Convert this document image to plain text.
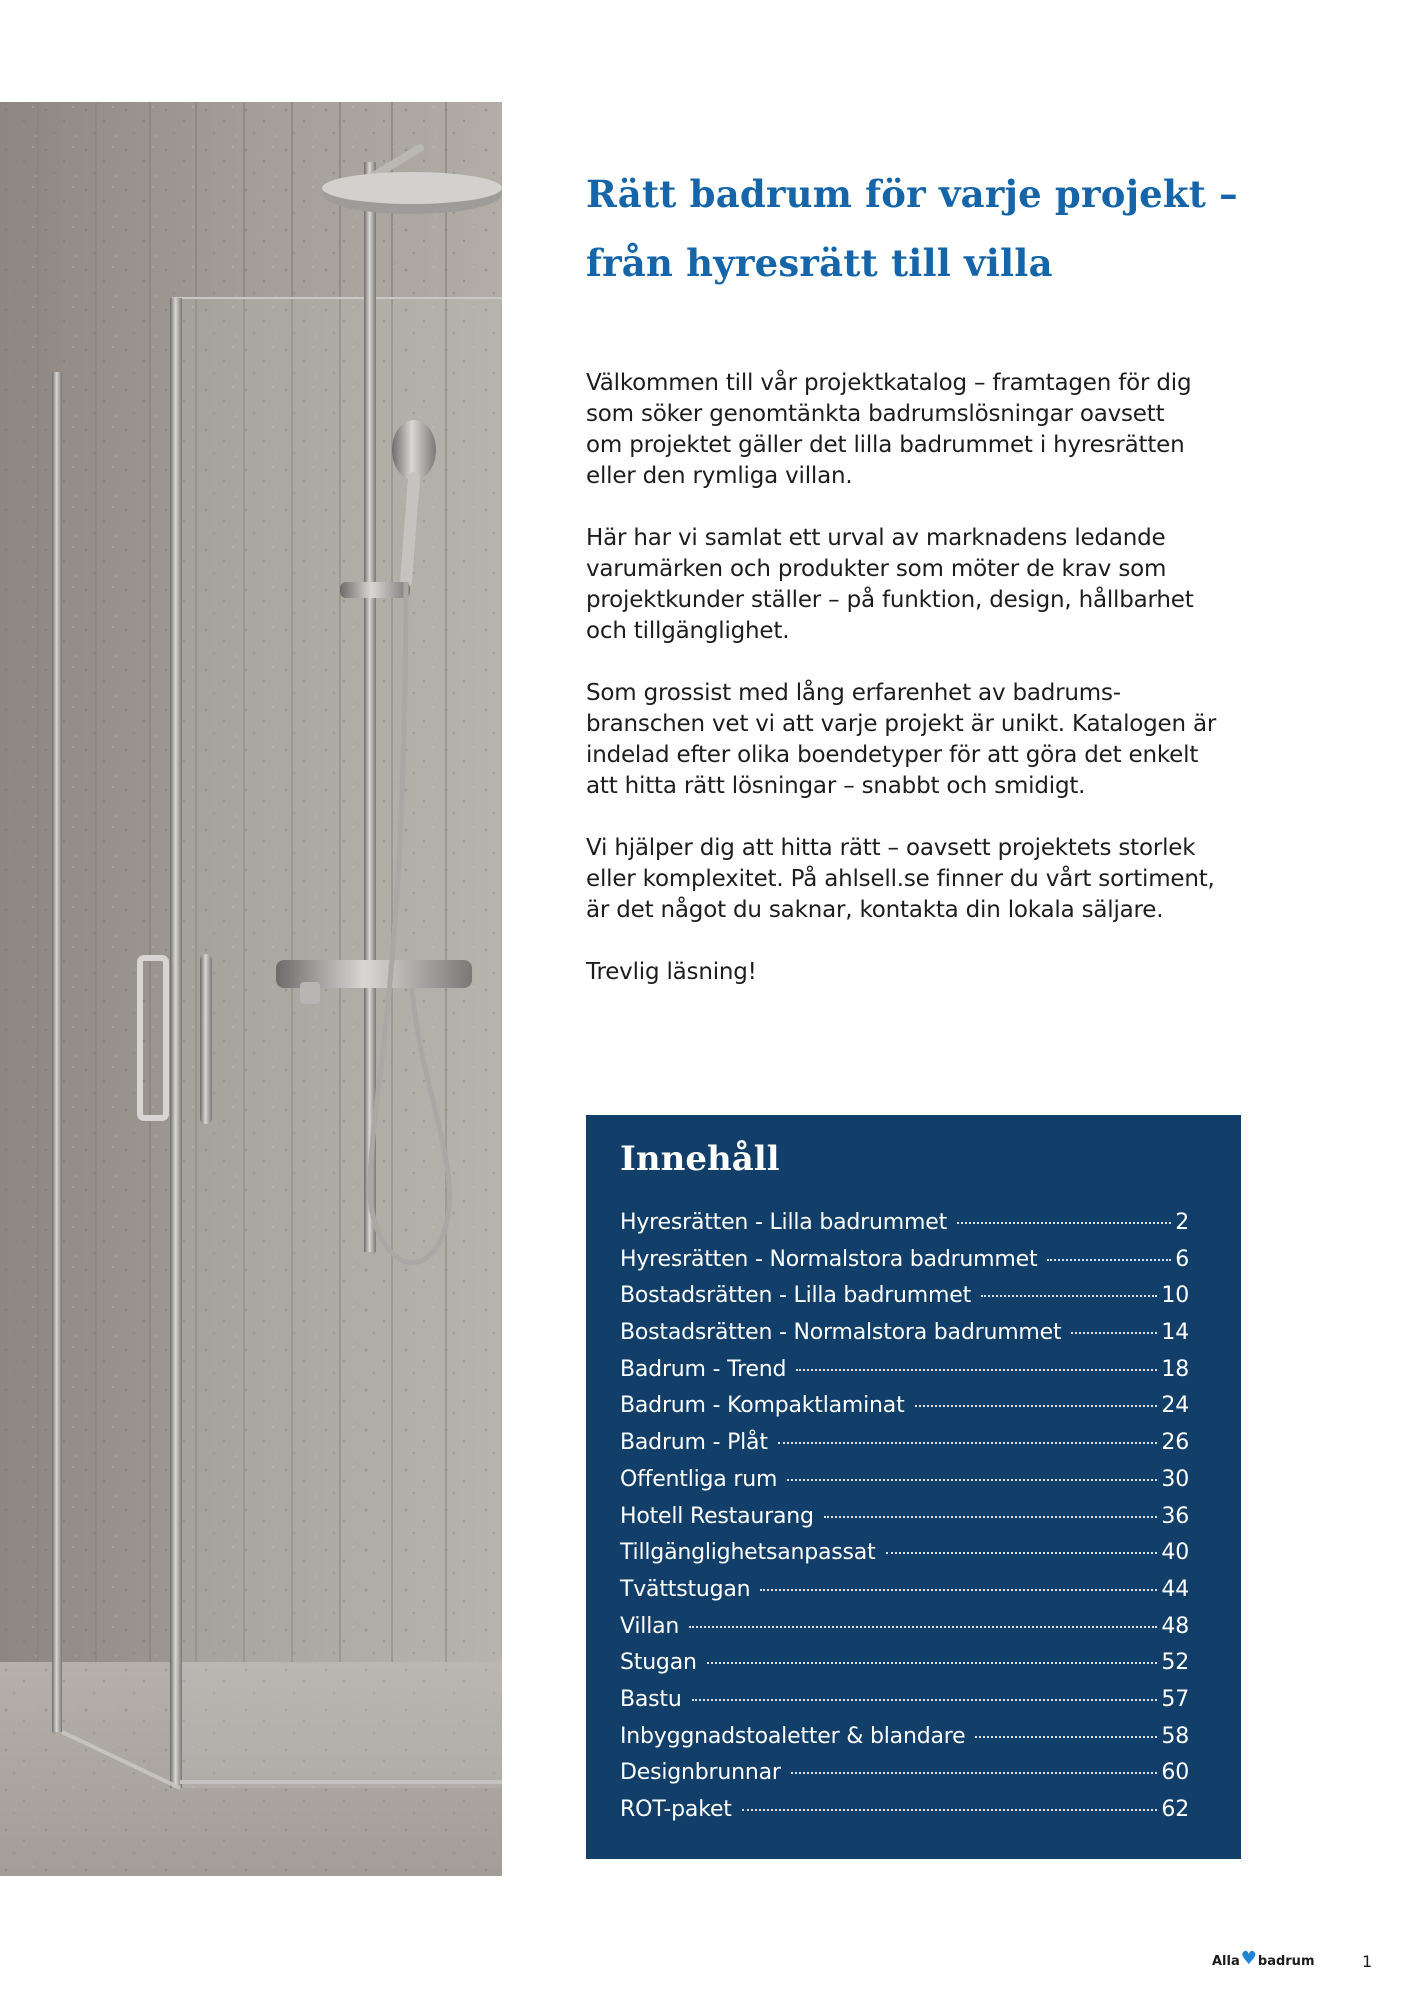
Rätt badrum för varje projekt –
från hyresrätt till villa

Välkommen till vår projektkatalog – framtagen för dig
som söker genomtänkta badrumslösningar oavsett
om projektet gäller det lilla badrummet i hyresrätten
eller den rymliga villan.

Här har vi samlat ett urval av marknadens ledande
varumärken och produkter som möter de krav som
projektkunder ställer – på funktion, design, hållbarhet
och tillgänglighet.

Som grossist med lång erfarenhet av badrums-
branschen vet vi att varje projekt är unikt. Katalogen är
indelad efter olika boendetyper för att göra det enkelt
att hitta rätt lösningar – snabbt och smidigt.

Vi hjälper dig att hitta rätt – oavsett projektets storlek
eller komplexitet. På ahlsell.se finner du vårt sortiment,
är det något du saknar, kontakta din lokala säljare.

Trevlig läsning!

Innehåll
Hyresrätten - Lilla badrummet	2
Hyresrätten - Normalstora badrummet	6
Bostadsrätten - Lilla badrummet	10
Bostadsrätten - Normalstora badrummet	14
Badrum - Trend	18
Badrum - Kompaktlaminat	24
Badrum - Plåt	26
Offentliga rum	30
Hotell Restaurang	36
Tillgänglighetsanpassat	40
Tvättstugan	44
Villan	48
Stugan	52
Bastu	57
Inbyggnadstoaletter & blandare	58
Designbrunnar	60
ROT-paket	62
Alla ♥ badrum	1
